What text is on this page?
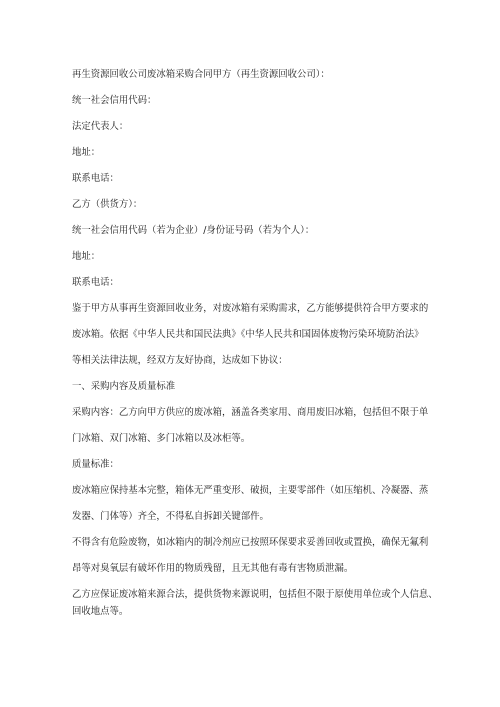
再生资源回收公司废冰箱采购合同甲方（再生资源回收公司）：

统一社会信用代码：

法定代表人：

地址：

联系电话：

乙方（供货方）：

统一社会信用代码（若为企业）/身份证号码（若为个人）：

地址：

联系电话：

鉴于甲方从事再生资源回收业务，对废冰箱有采购需求，乙方能够提供符合甲方要求的

废冰箱。依据《中华人民共和国民法典》《中华人民共和国固体废物污染环境防治法》

等相关法律法规，经双方友好协商，达成如下协议：

一、采购内容及质量标准

采购内容：乙方向甲方供应的废冰箱，涵盖各类家用、商用废旧冰箱，包括但不限于单

门冰箱、双门冰箱、多门冰箱以及冰柜等。

质量标准：

废冰箱应保持基本完整，箱体无严重变形、破损，主要零部件（如压缩机、冷凝器、蒸

发器、门体等）齐全，不得私自拆卸关键部件。

不得含有危险废物，如冰箱内的制冷剂应已按照环保要求妥善回收或置换，确保无氟利

昂等对臭氧层有破坏作用的物质残留，且无其他有毒有害物质泄漏。

乙方应保证废冰箱来源合法，提供货物来源说明，包括但不限于原使用单位或个人信息、

回收地点等。
